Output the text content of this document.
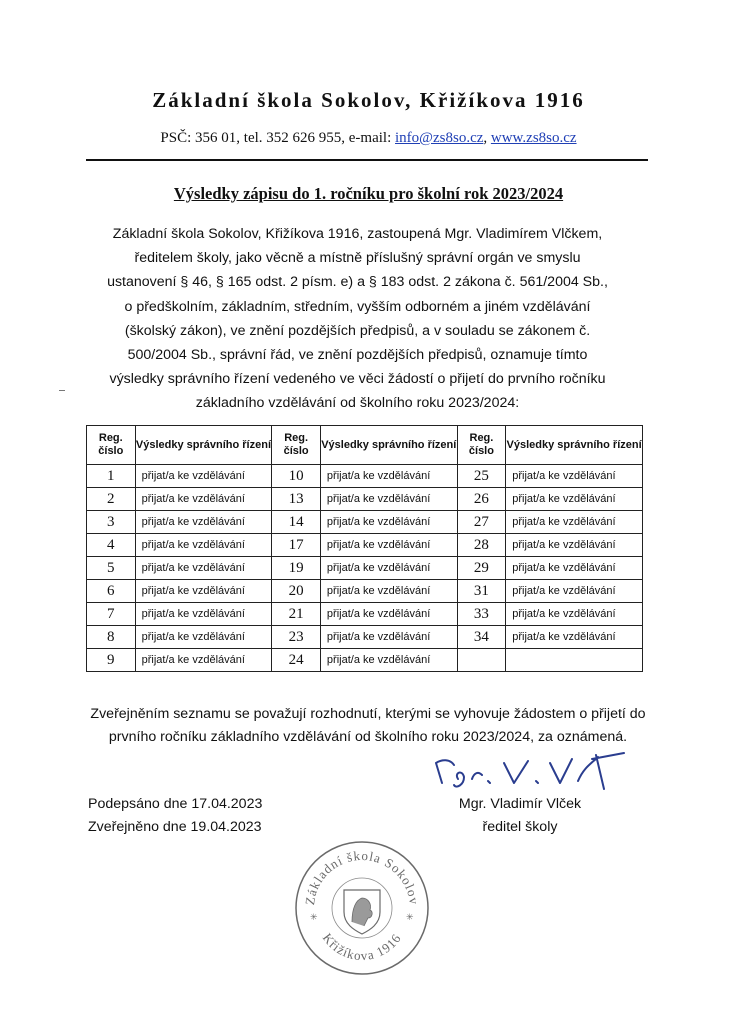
Základní škola Sokolov, Křižíkova 1916
PSČ: 356 01, tel. 352 626 955, e-mail: info@zs8so.cz, www.zs8so.cz
Výsledky zápisu do 1. ročníku pro školní rok 2023/2024
Základní škola Sokolov, Křižíkova 1916, zastoupená Mgr. Vladimírem Vlčkem, ředitelem školy, jako věcně a místně příslušný správní orgán ve smyslu ustanovení § 46, § 165 odst. 2 písm. e) a § 183 odst. 2 zákona č. 561/2004 Sb., o předškolním, základním, středním, vyšším odborném a jiném vzdělávání (školský zákon), ve znění pozdějších předpisů, a v souladu se zákonem č. 500/2004 Sb., správní řád, ve znění pozdějších předpisů, oznamuje tímto výsledky správního řízení vedeného ve věci žádostí o přijetí do prvního ročníku základního vzdělávání od školního roku 2023/2024:
Reg. číslo	Výsledky správního řízení	Reg. číslo	Výsledky správního řízení	Reg. číslo	Výsledky správního řízení
1	přijat/a ke vzdělávání	10	přijat/a ke vzdělávání	25	přijat/a ke vzdělávání
2	přijat/a ke vzdělávání	13	přijat/a ke vzdělávání	26	přijat/a ke vzdělávání
3	přijat/a ke vzdělávání	14	přijat/a ke vzdělávání	27	přijat/a ke vzdělávání
4	přijat/a ke vzdělávání	17	přijat/a ke vzdělávání	28	přijat/a ke vzdělávání
5	přijat/a ke vzdělávání	19	přijat/a ke vzdělávání	29	přijat/a ke vzdělávání
6	přijat/a ke vzdělávání	20	přijat/a ke vzdělávání	31	přijat/a ke vzdělávání
7	přijat/a ke vzdělávání	21	přijat/a ke vzdělávání	33	přijat/a ke vzdělávání
8	přijat/a ke vzdělávání	23	přijat/a ke vzdělávání	34	přijat/a ke vzdělávání
9	přijat/a ke vzdělávání	24	přijat/a ke vzdělávání		
Zveřejněním seznamu se považují rozhodnutí, kterými se vyhovuje žádostem o přijetí do prvního ročníku základního vzdělávání od školního roku 2023/2024, za oznámená.
Podepsáno dne 17.04.2023
Zveřejněno dne 19.04.2023
Mgr. Vladimír Vlček
ředitel školy
Základní škola Sokolov
Křižíkova 1916
✳	✳
